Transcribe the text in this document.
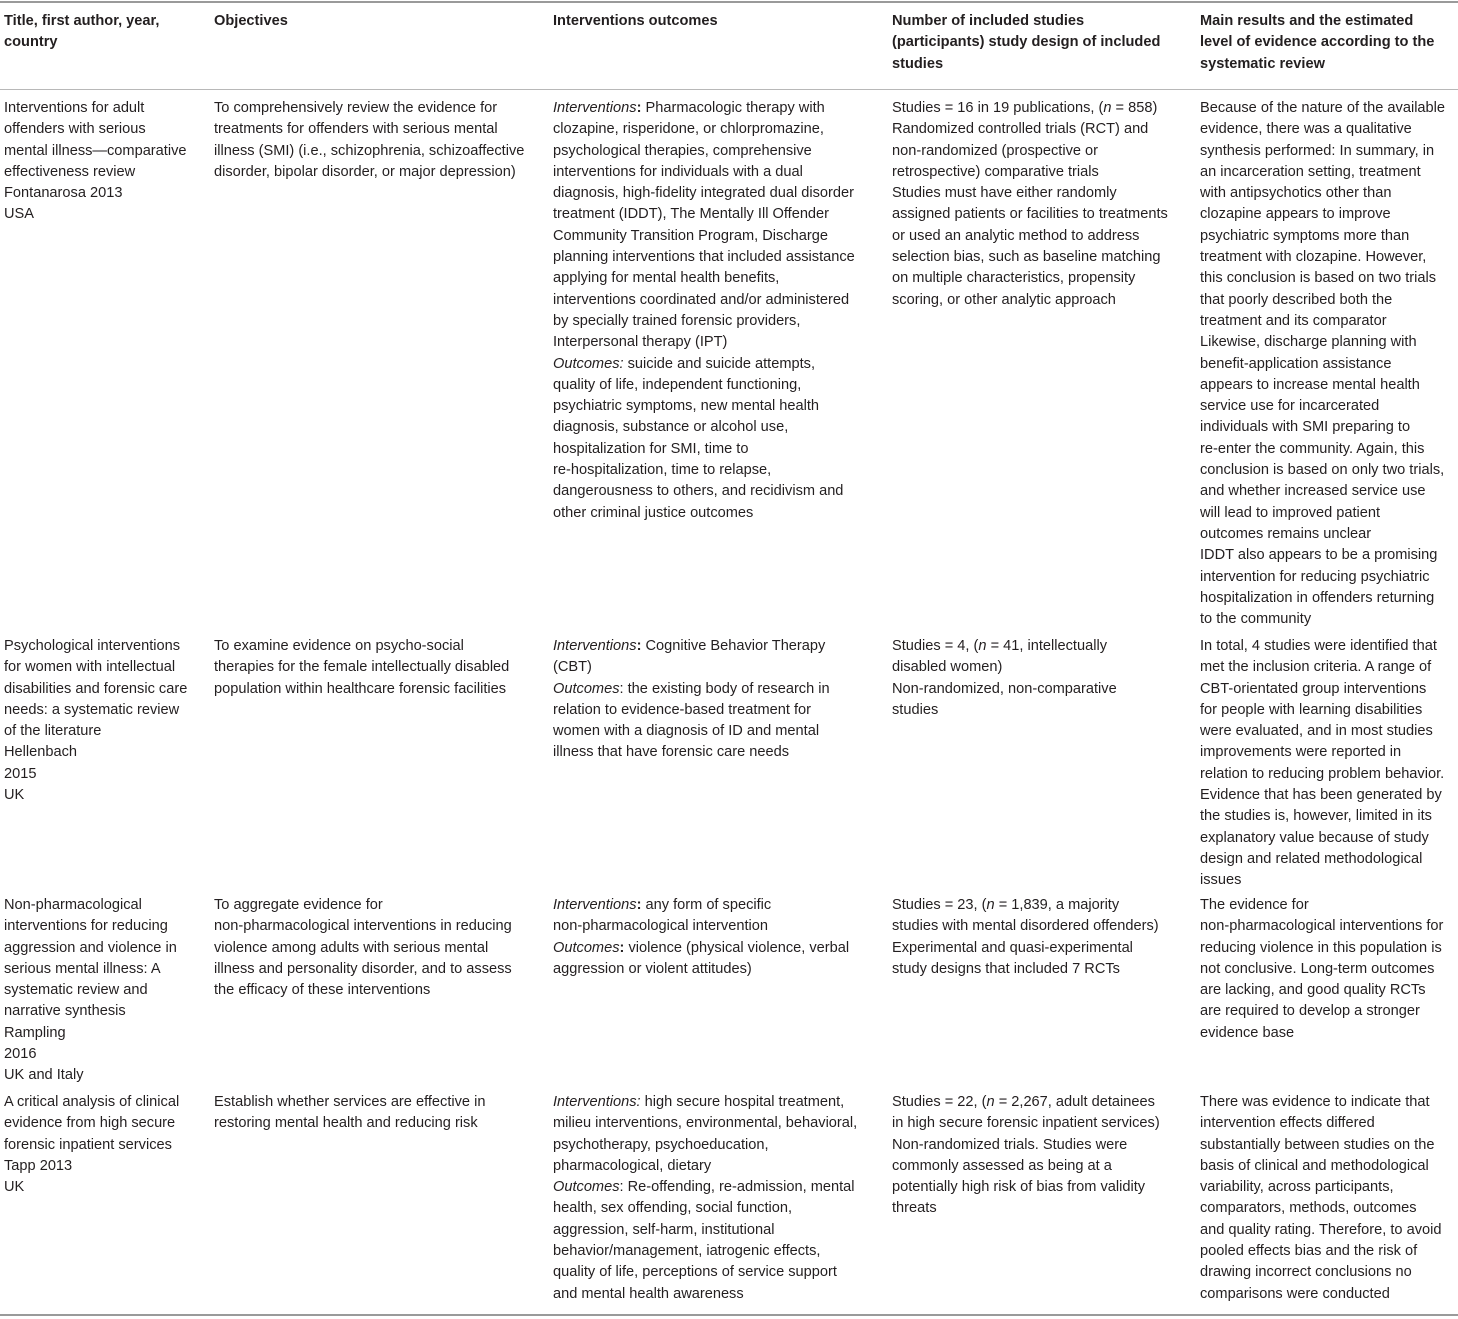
Title, first author, year,
country
Objectives	Interventions outcomes	Number of included studies
(participants) study design of included
studies
Main results and the estimated
level of evidence according to the
systematic review
Interventions for adult
offenders with serious
mental illness—comparative
effectiveness review
Fontanarosa 2013
USA
To comprehensively review the evidence for
treatments for offenders with serious mental
illness (SMI) (i.e., schizophrenia, schizoaffective
disorder, bipolar disorder, or major depression)
Interventions: Pharmacologic therapy with
clozapine, risperidone, or chlorpromazine,
psychological therapies, comprehensive
interventions for individuals with a dual
diagnosis, high-fidelity integrated dual disorder
treatment (IDDT), The Mentally Ill Offender
Community Transition Program, Discharge
planning interventions that included assistance
applying for mental health benefits,
interventions coordinated and/or administered
by specially trained forensic providers,
Interpersonal therapy (IPT)
Outcomes: suicide and suicide attempts,
quality of life, independent functioning,
psychiatric symptoms, new mental health
diagnosis, substance or alcohol use,
hospitalization for SMI, time to
re-hospitalization, time to relapse,
dangerousness to others, and recidivism and
other criminal justice outcomes
Studies = 16 in 19 publications, (n = 858)
Randomized controlled trials (RCT) and
non-randomized (prospective or
retrospective) comparative trials
Studies must have either randomly
assigned patients or facilities to treatments
or used an analytic method to address
selection bias, such as baseline matching
on multiple characteristics, propensity
scoring, or other analytic approach
Because of the nature of the available
evidence, there was a qualitative
synthesis performed: In summary, in
an incarceration setting, treatment
with antipsychotics other than
clozapine appears to improve
psychiatric symptoms more than
treatment with clozapine. However,
this conclusion is based on two trials
that poorly described both the
treatment and its comparator
Likewise, discharge planning with
benefit-application assistance
appears to increase mental health
service use for incarcerated
individuals with SMI preparing to
re-enter the community. Again, this
conclusion is based on only two trials,
and whether increased service use
will lead to improved patient
outcomes remains unclear
IDDT also appears to be a promising
intervention for reducing psychiatric
hospitalization in offenders returning
to the community
Psychological interventions
for women with intellectual
disabilities and forensic care
needs: a systematic review
of the literature
Hellenbach
2015
UK
To examine evidence on psycho-social
therapies for the female intellectually disabled
population within healthcare forensic facilities
Interventions: Cognitive Behavior Therapy
(CBT)
Outcomes: the existing body of research in
relation to evidence-based treatment for
women with a diagnosis of ID and mental
illness that have forensic care needs
Studies = 4, (n = 41, intellectually
disabled women)
Non-randomized, non-comparative
studies
In total, 4 studies were identified that
met the inclusion criteria. A range of
CBT-orientated group interventions
for people with learning disabilities
were evaluated, and in most studies
improvements were reported in
relation to reducing problem behavior.
Evidence that has been generated by
the studies is, however, limited in its
explanatory value because of study
design and related methodological
issues
Non-pharmacological
interventions for reducing
aggression and violence in
serious mental illness: A
systematic review and
narrative synthesis
Rampling
2016
UK and Italy
To aggregate evidence for
non-pharmacological interventions in reducing
violence among adults with serious mental
illness and personality disorder, and to assess
the efficacy of these interventions
Interventions: any form of specific
non-pharmacological intervention
Outcomes: violence (physical violence, verbal
aggression or violent attitudes)
Studies = 23, (n = 1,839, a majority
studies with mental disordered offenders)
Experimental and quasi-experimental
study designs that included 7 RCTs
The evidence for
non-pharmacological interventions for
reducing violence in this population is
not conclusive. Long-term outcomes
are lacking, and good quality RCTs
are required to develop a stronger
evidence base
A critical analysis of clinical
evidence from high secure
forensic inpatient services
Tapp 2013
UK
Establish whether services are effective in
restoring mental health and reducing risk
Interventions: high secure hospital treatment,
milieu interventions, environmental, behavioral,
psychotherapy, psychoeducation,
pharmacological, dietary
Outcomes: Re-offending, re-admission, mental
health, sex offending, social function,
aggression, self-harm, institutional
behavior/management, iatrogenic effects,
quality of life, perceptions of service support
and mental health awareness
Studies = 22, (n = 2,267, adult detainees
in high secure forensic inpatient services)
Non-randomized trials. Studies were
commonly assessed as being at a
potentially high risk of bias from validity
threats
There was evidence to indicate that
intervention effects differed
substantially between studies on the
basis of clinical and methodological
variability, across participants,
comparators, methods, outcomes
and quality rating. Therefore, to avoid
pooled effects bias and the risk of
drawing incorrect conclusions no
comparisons were conducted
